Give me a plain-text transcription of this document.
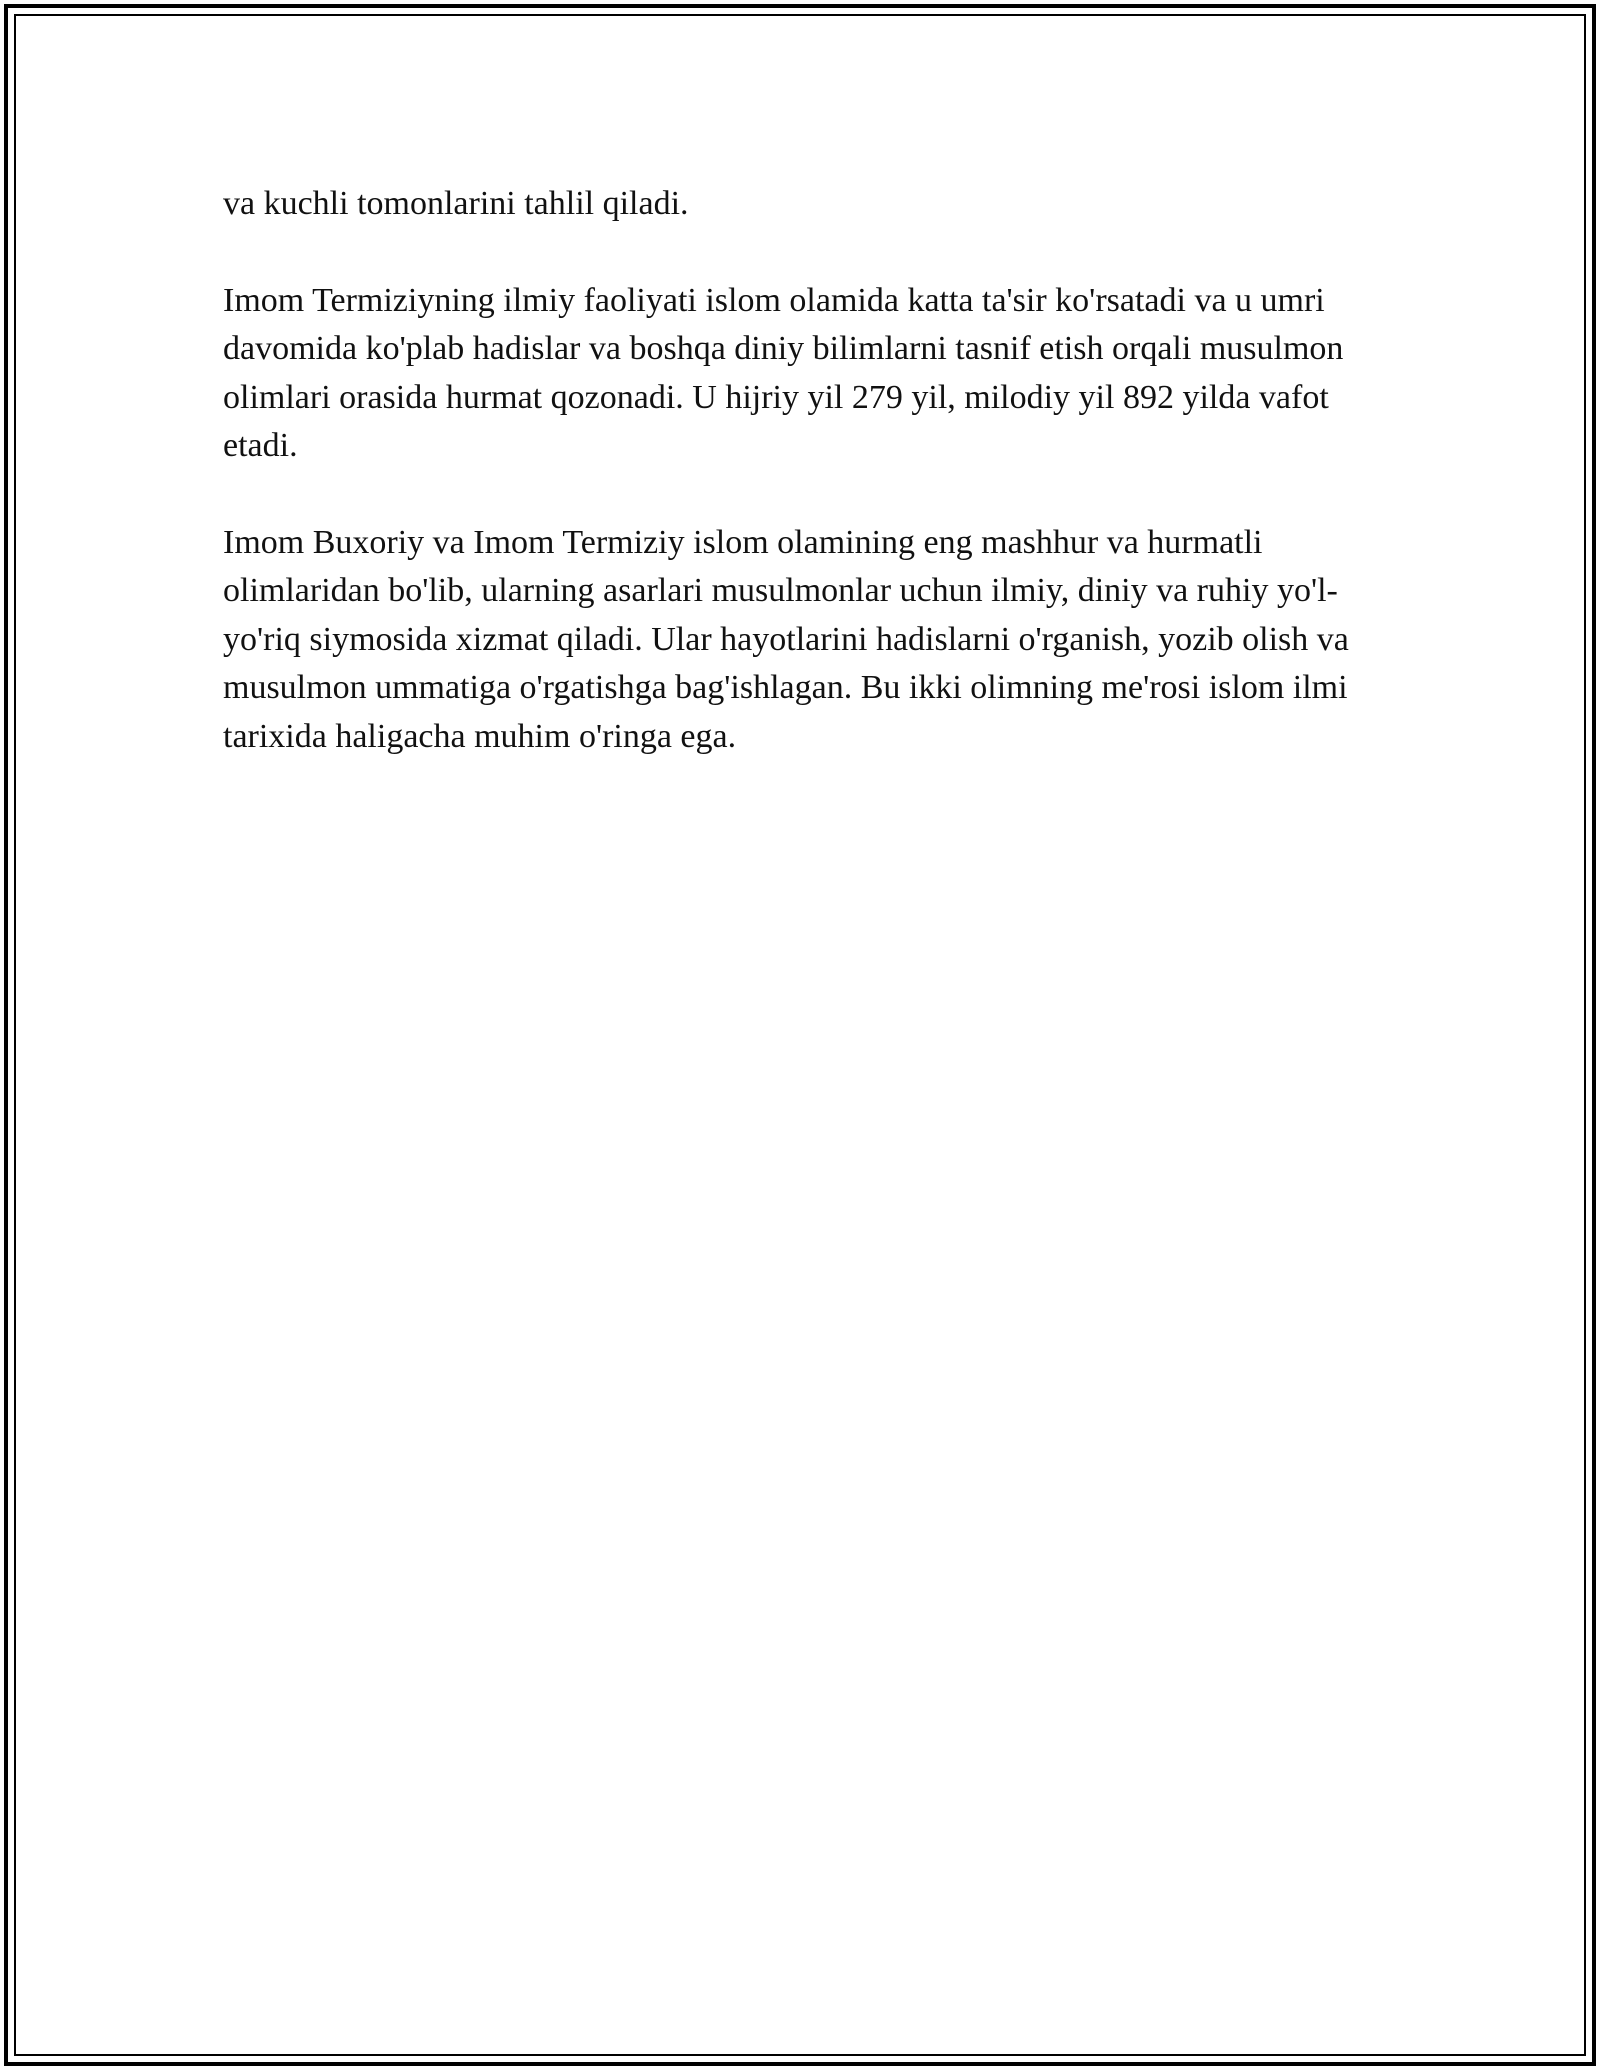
va kuchli tomonlarini tahlil qiladi.

Imom Termiziyning ilmiy faoliyati islom olamida katta ta'sir ko'rsatadi va u umri davomida ko'plab hadislar va boshqa diniy bilimlarni tasnif etish orqali musulmon olimlari orasida hurmat qozonadi. U hijriy yil 279 yil, milodiy yil 892 yilda vafot etadi.

Imom Buxoriy va Imom Termiziy islom olamining eng mashhur va hurmatli olimlaridan bo'lib, ularning asarlari musulmonlar uchun ilmiy, diniy va ruhiy yo'l-yo'riq siymosida xizmat qiladi. Ular hayotlarini hadislarni o'rganish, yozib olish va musulmon ummatiga o'rgatishga bag'ishlagan. Bu ikki olimning me'rosi islom ilmi tarixida haligacha muhim o'ringa ega.
